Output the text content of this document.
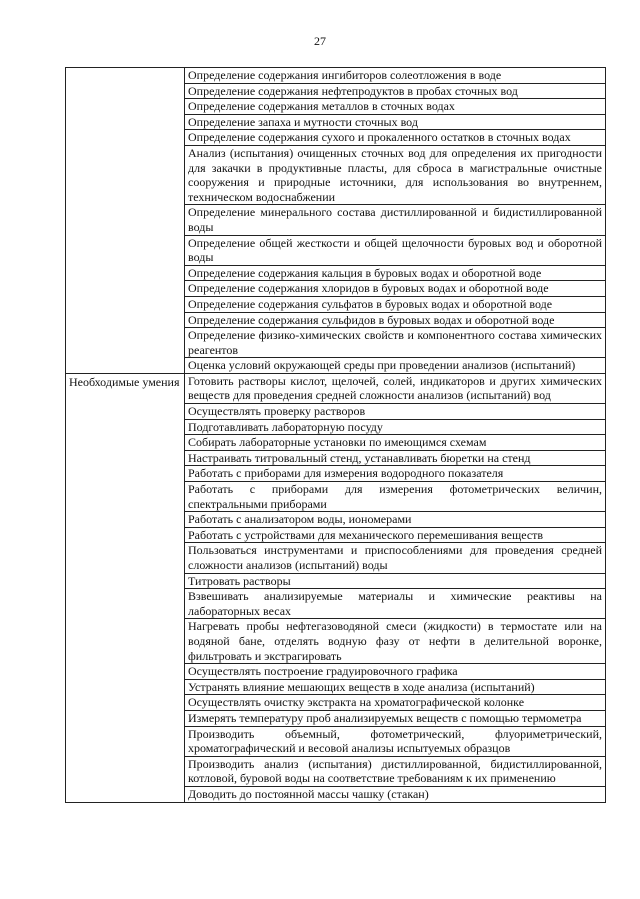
27
	Определение содержания ингибиторов солеотложения в воде
	Определение содержания нефтепродуктов в пробах сточных вод
	Определение содержания металлов в сточных водах
	Определение запаха и мутности сточных вод
	Определение содержания сухого и прокаленного остатков в сточных водах
	Анализ (испытания) очищенных сточных вод для определения их пригодности для закачки в продуктивные пласты, для сброса в магистральные очистные сооружения и природные источники, для использования во внутреннем, техническом водоснабжении
	Определение минерального состава дистиллированной и бидистиллированной воды
	Определение общей жесткости и общей щелочности буровых вод и оборотной воды
	Определение содержания кальция в буровых водах и оборотной воде
	Определение содержания хлоридов в буровых водах и оборотной воде
	Определение содержания сульфатов в буровых водах и оборотной воде
	Определение содержания сульфидов в буровых водах и оборотной воде
	Определение физико-химических свойств и компонентного состава химических реагентов
	Оценка условий окружающей среды при проведении анализов (испытаний)

Необходимые умения	Готовить растворы кислот, щелочей, солей, индикаторов и других химических веществ для проведения средней сложности анализов (испытаний) вод
	Осуществлять проверку растворов
	Подготавливать лабораторную посуду
	Собирать лабораторные установки по имеющимся схемам
	Настраивать титровальный стенд, устанавливать бюретки на стенд
	Работать с приборами для измерения водородного показателя
	Работать с приборами для измерения фотометрических величин, спектральными приборами
	Работать с анализатором воды, иономерами
	Работать с устройствами для механического перемешивания веществ
	Пользоваться инструментами и приспособлениями для проведения средней сложности анализов (испытаний) воды
	Титровать растворы
	Взвешивать анализируемые материалы и химические реактивы на лабораторных весах
	Нагревать пробы нефтегазоводяной смеси (жидкости) в термостате или на водяной бане, отделять водную фазу от нефти в делительной воронке, фильтровать и экстрагировать
	Осуществлять построение градуировочного графика
	Устранять влияние мешающих веществ в ходе анализа (испытаний)
	Осуществлять очистку экстракта на хроматографической колонке
	Измерять температуру проб анализируемых веществ с помощью термометра
	Производить объемный, фотометрический, флуориметрический, хроматографический и весовой анализы испытуемых образцов
	Производить анализ (испытания) дистиллированной, бидистиллированной, котловой, буровой воды на соответствие требованиям к их применению
	Доводить до постоянной массы чашку (стакан)
